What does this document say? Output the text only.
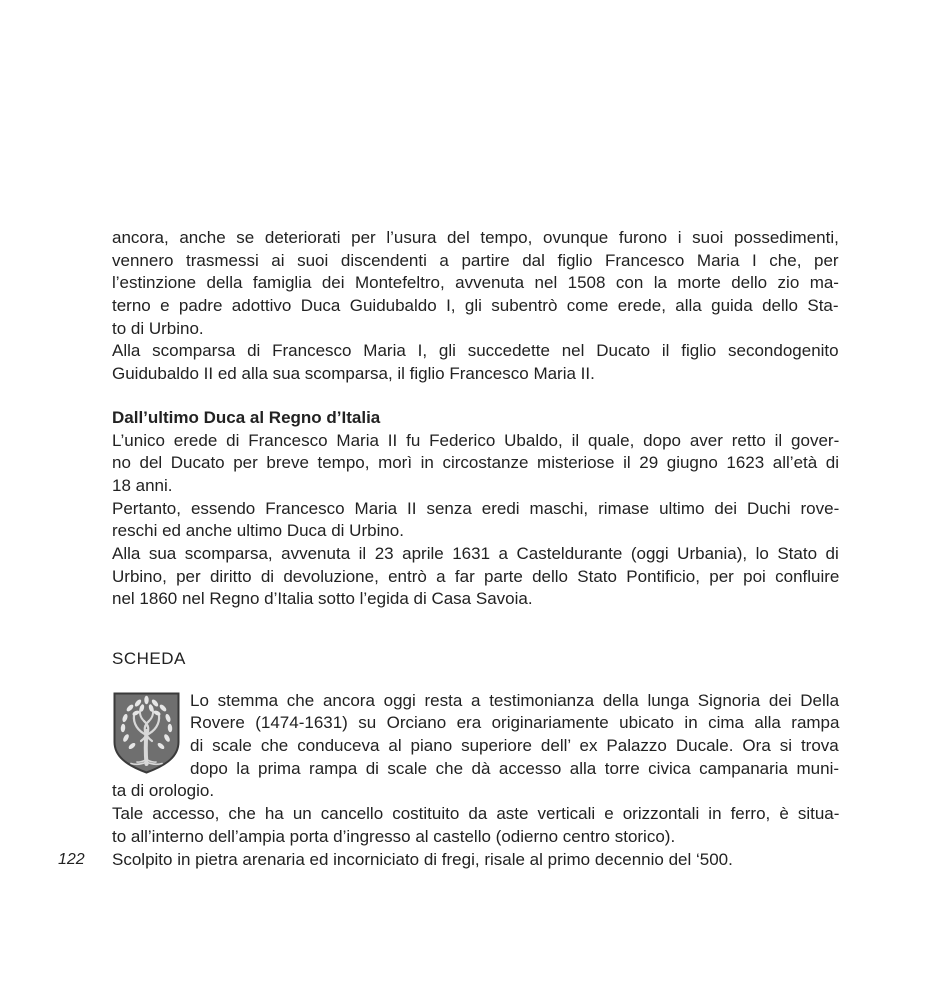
ancora, anche se deteriorati per l’usura del tempo, ovunque furono i suoi possedimenti,
vennero trasmessi ai suoi discendenti a partire dal figlio Francesco Maria I che, per
l’estinzione della famiglia dei Montefeltro, avvenuta nel 1508 con la morte dello zio ma-
terno e padre adottivo Duca Guidubaldo I, gli subentrò come erede, alla guida dello Sta-
to di Urbino.
Alla scomparsa di Francesco Maria I, gli succedette nel Ducato il figlio secondogenito
Guidubaldo II ed alla sua scomparsa, il figlio Francesco Maria II.
Dall’ultimo Duca al Regno d’Italia
L’unico erede di Francesco Maria II fu Federico Ubaldo, il quale, dopo aver retto il gover-
no del Ducato per breve tempo, morì in circostanze misteriose il 29 giugno 1623 all’età di
18 anni.
Pertanto, essendo Francesco Maria II senza eredi maschi, rimase ultimo dei Duchi rove-
reschi ed anche ultimo Duca di Urbino.
Alla sua scomparsa, avvenuta il 23 aprile 1631 a Casteldurante (oggi Urbania), lo Stato di
Urbino, per diritto di devoluzione, entrò a far parte dello Stato Pontificio, per poi confluire
nel 1860 nel Regno d’Italia sotto l’egida di Casa Savoia.
SCHEDA
Lo stemma che ancora oggi resta a testimonianza della lunga Signoria dei Della
Rovere (1474-1631) su Orciano era originariamente ubicato in cima alla rampa
di scale che conduceva al piano superiore dell’ ex Palazzo Ducale. Ora si trova
dopo la prima rampa di scale che dà accesso alla torre civica campanaria muni-
ta di orologio.
Tale accesso, che ha un cancello costituito da aste verticali e orizzontali in ferro, è situa-
to all’interno dell’ampia porta d’ingresso al castello (odierno centro storico).
Scolpito in pietra arenaria ed incorniciato di fregi, risale al primo decennio del ‘500.
122
